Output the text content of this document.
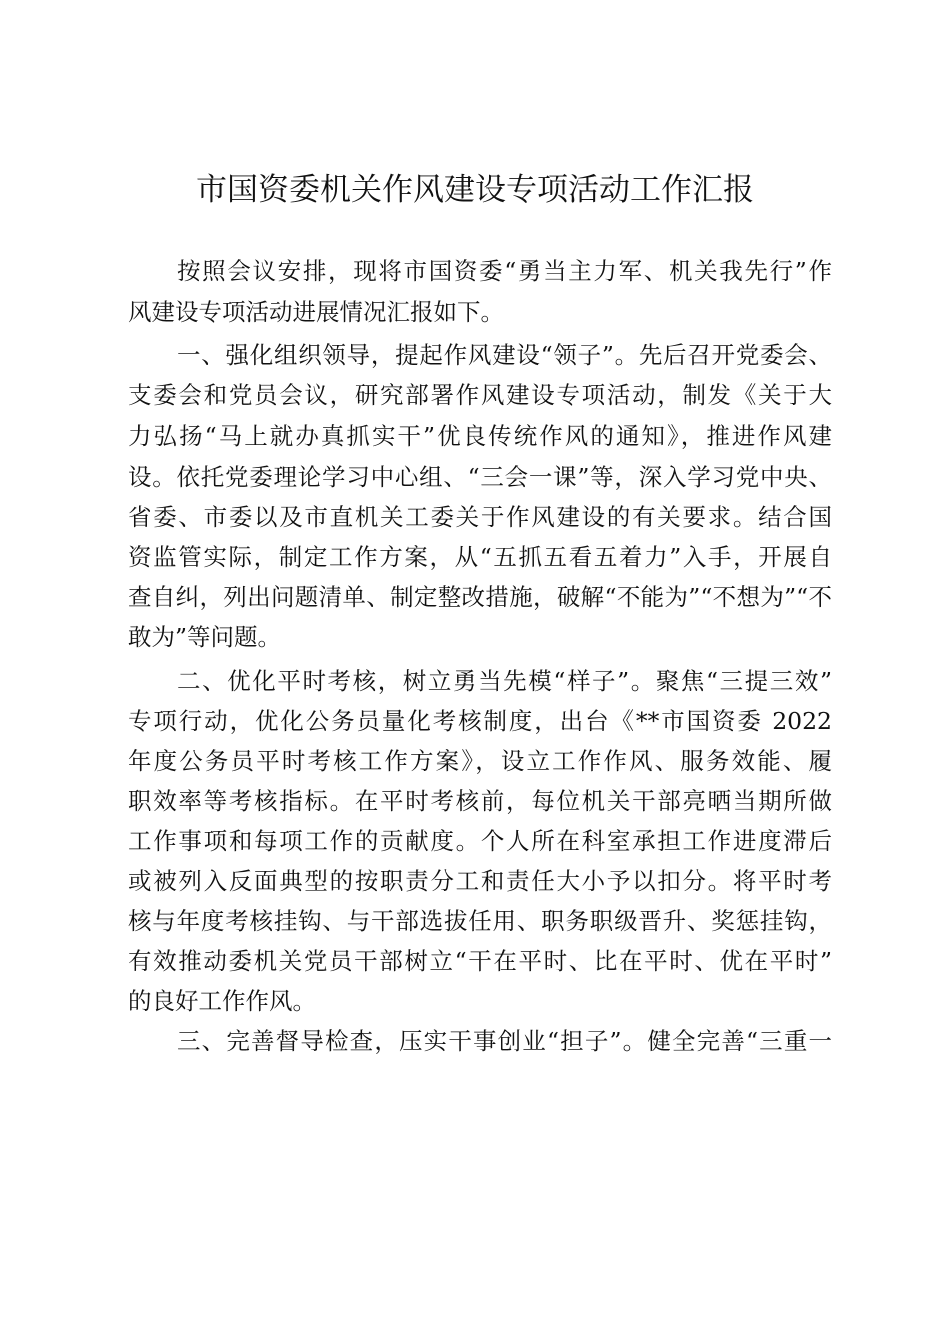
市国资委机关作风建设专项活动工作汇报
按照会议安排，现将市国资委“勇当主力军、机关我先行”作
风建设专项活动进展情况汇报如下。
一、强化组织领导，提起作风建设“领子”。先后召开党委会、
支委会和党员会议，研究部署作风建设专项活动，制发《关于大
力弘扬“马上就办真抓实干”优良传统作风的通知》，推进作风建
设。依托党委理论学习中心组、“三会一课”等，深入学习党中央、
省委、市委以及市直机关工委关于作风建设的有关要求。结合国
资监管实际，制定工作方案，从“五抓五看五着力”入手，开展自
查自纠，列出问题清单、制定整改措施，破解“不能为”“不想为”“不
敢为”等问题。
二、优化平时考核，树立勇当先模“样子”。聚焦“三提三效”
专项行动，优化公务员量化考核制度，出台《**市国资委 2022
年度公务员平时考核工作方案》，设立工作作风、服务效能、履
职效率等考核指标。在平时考核前，每位机关干部亮晒当期所做
工作事项和每项工作的贡献度。个人所在科室承担工作进度滞后
或被列入反面典型的按职责分工和责任大小予以扣分。将平时考
核与年度考核挂钩、与干部选拔任用、职务职级晋升、奖惩挂钩，
有效推动委机关党员干部树立“干在平时、比在平时、优在平时”
的良好工作作风。
三、完善督导检查，压实干事创业“担子”。健全完善“三重一
